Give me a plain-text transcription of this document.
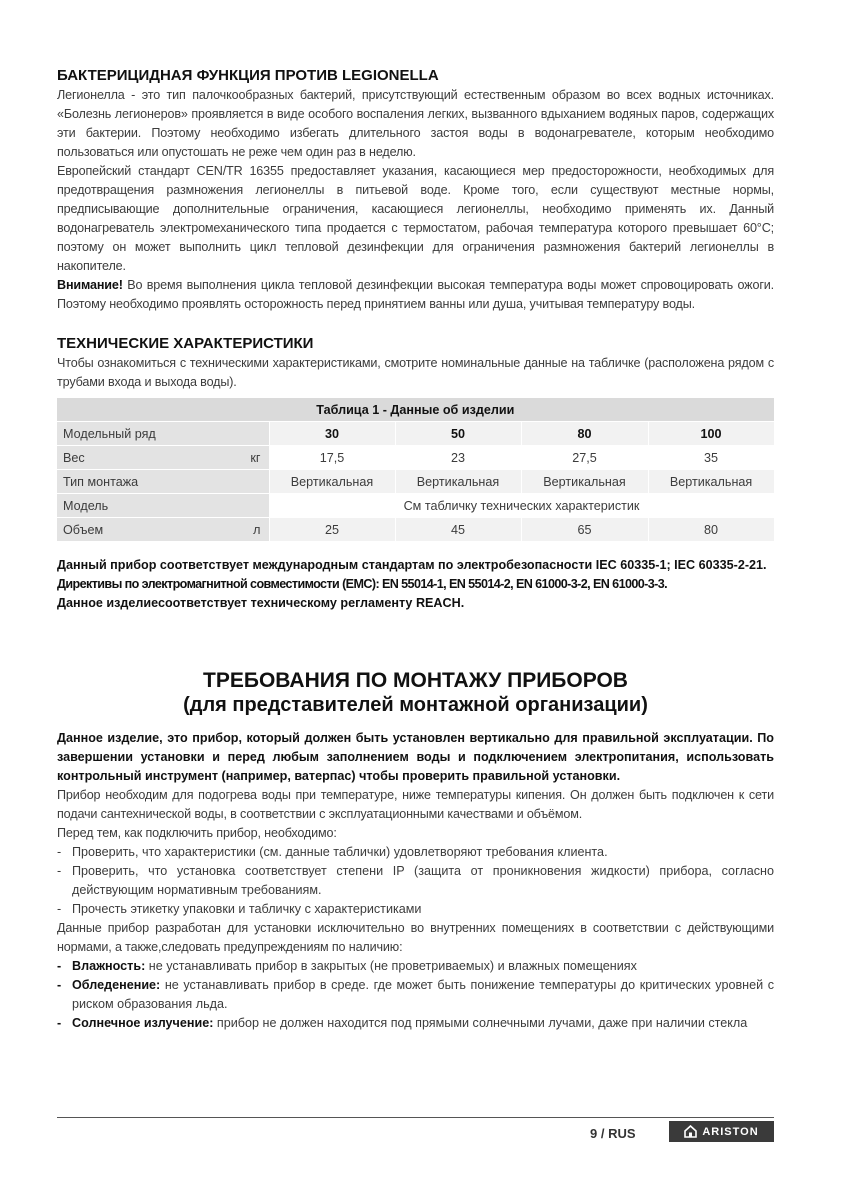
БАКТЕРИЦИДНАЯ ФУНКЦИЯ ПРОТИВ LEGIONELLA

Легионелла - это тип палочкообразных бактерий, присутствующий естественным образом во всех водных источниках. «Болезнь легионеров» проявляется в виде особого воспаления легких, вызванного вдыханием водяных паров, содержащих эти бактерии. Поэтому необходимо избегать длительного застоя воды в водонагревателе, которым необходимо пользоваться или опустошать не реже чем один раз в неделю.

Европейский стандарт CEN/TR 16355 предоставляет указания, касающиеся мер предосторожности, необходимых для предотвращения размножения легионеллы в питьевой воде. Кроме того, если существуют местные нормы, предписывающие дополнительные ограничения, касающиеся легионеллы, необходимо применять их. Данный водонагреватель электромеханического типа продается с термостатом, рабочая температура которого превышает 60°C; поэтому он может выполнить цикл тепловой дезинфекции для ограничения размножения бактерий легионеллы в накопителе.

Внимание! Во время выполнения цикла тепловой дезинфекции высокая температура воды может спровоцировать ожоги. Поэтому необходимо проявлять осторожность перед принятием ванны или душа, учитывая температуру воды.

ТЕХНИЧЕСКИЕ ХАРАКТЕРИСТИКИ

Чтобы ознакомиться с техническими характеристиками, смотрите номинальные данные на табличке (расположена рядом с трубами входа и выхода воды).

Таблица 1 - Данные об изделии				
Модельный ряд	30	50	80	100
Вес кг	17,5	23	27,5	35
Тип монтажа	Вертикальная	Вертикальная	Вертикальная	Вертикальная
Модель	См табличку технических характеристик			
Объем л	25	45	65	80
Данный прибор соответствует международным стандартам по электробезопасности IEC 60335-1; IEC 60335-2-21.
Директивы по электромагнитной совместимости (EMC): EN 55014-1, EN 55014-2, EN 61000-3-2, EN 61000-3-3.
Данное изделиесоответствует техническому регламенту REACH.
ТРЕБОВАНИЯ ПО МОНТАЖУ ПРИБОРОВ
(для представителей монтажной организации)

Данное изделие, это прибор, который должен быть установлен вертикально для правильной эксплуатации. По завершении установки и перед любым заполнением воды и подключением электропитания, использовать контрольный инструмент (например, ватерпас) чтобы проверить правильной установки.

Прибор необходим для подогрева воды при температуре, ниже температуры кипения. Он должен быть подключен к сети подачи сантехнической воды, в соответствии с эксплуатационными качествами и объёмом.

Перед тем, как подключить прибор, необходимо:

- Проверить, что характеристики (см. данные таблички) удовлетворяют требования клиента.
- Проверить, что установка соответствует степени IP (защита от проникновения жидкости) прибора, согласно действующим нормативным требованиям.
- Прочесть этикетку упаковки и табличку с характеристиками

Данные прибор разработан для установки исключительно во внутренних помещениях в соответствии с действующими нормами, а также,следовать предупреждениям по наличию:

- Влажность: не устанавливать прибор в закрытых (не проветриваемых) и влажных помещениях
- Обледенение: не устанавливать прибор в среде. где может быть понижение температуры до критических уровней с риском образования льда.
- Солнечное излучение: прибор не должен находится под прямыми солнечными лучами, даже при наличии стекла
9 / RUS	ARISTON
